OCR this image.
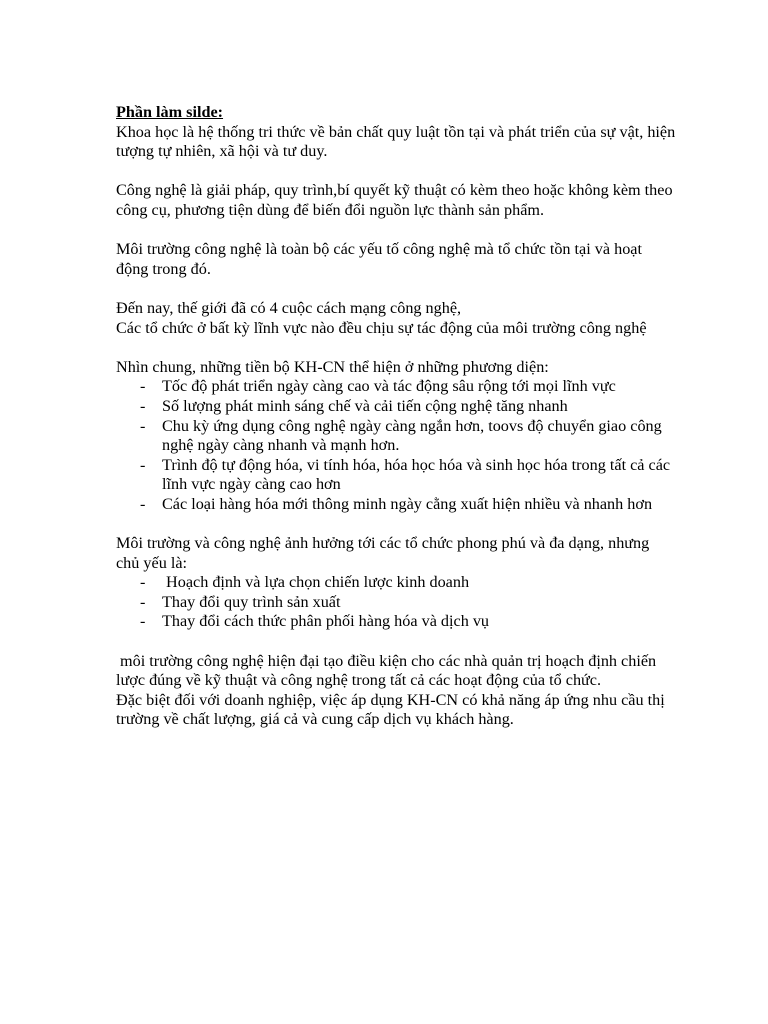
Phần làm silde:

Khoa học là hệ thống tri thức về bản chất quy luật tồn tại và phát triển của sự vật, hiện tượng tự nhiên, xã hội và tư duy.

Công nghệ là giải pháp, quy trình,bí quyết kỹ thuật có kèm theo hoặc không kèm theo công cụ, phương tiện dùng để biến đổi nguồn lực thành sản phẩm.

Môi trường công nghệ là toàn bộ các yếu tố công nghệ mà tổ chức tồn tại và hoạt động trong đó.

Đến nay, thế giới đã có 4 cuộc cách mạng công nghệ,

Các tổ chức ở bất kỳ lĩnh vực nào đều chịu sự tác động của môi trường công nghệ

Nhìn chung, những tiền bộ KH-CN thể hiện ở những phương diện:

- Tốc độ phát triển ngày càng cao và tác động sâu rộng tới mọi lĩnh vực
- Số lượng phát minh sáng chế và cải tiến cộng nghệ tăng nhanh
- Chu kỳ ứng dụng công nghệ ngày càng ngắn hơn, toovs độ chuyển giao công nghệ ngày càng nhanh và mạnh hơn.
- Trình độ tự động hóa, vi tính hóa, hóa học hóa và sinh học hóa trong tất cả các lĩnh vực ngày càng cao hơn
- Các loại hàng hóa mới thông minh ngày cằng xuất hiện nhiều và nhanh hơn

Môi trường và công nghệ ảnh hưởng tới các tổ chức phong phú và đa dạng, nhưng chủ yếu là:

-  Hoạch định và lựa chọn chiến lược kinh doanh
- Thay đổi quy trình sản xuất
- Thay đổi cách thức phân phối hàng hóa và dịch vụ

môi trường công nghệ hiện đại tạo điều kiện cho các nhà quản trị hoạch định chiến lược đúng về kỹ thuật và công nghệ trong tất cả các hoạt động của tổ chức.

Đặc biệt đối với doanh nghiệp, việc áp dụng KH-CN có khả năng áp ứng nhu cầu thị trường về chất lượng, giá cả và cung cấp dịch vụ khách hàng.
